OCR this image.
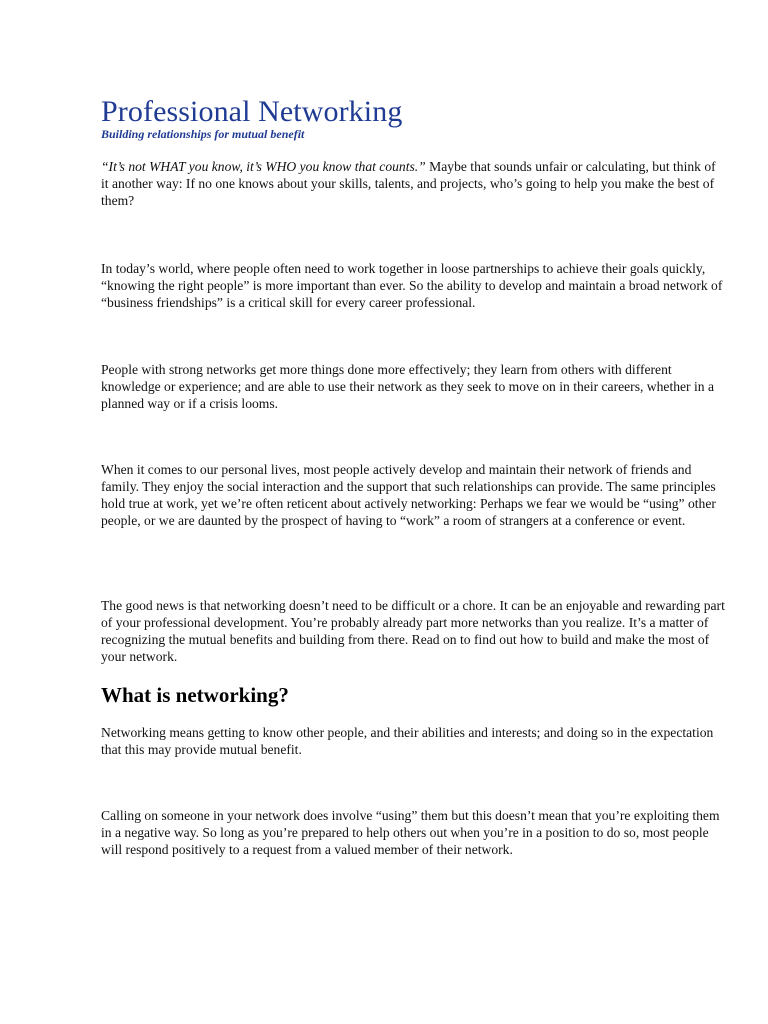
Professional Networking
Building relationships for mutual benefit

“It’s not WHAT you know, it’s WHO you know that counts.” Maybe that sounds unfair or calculating, but think of it another way: If no one knows about your skills, talents, and projects, who’s going to help you make the best of them?

In today’s world, where people often need to work together in loose partnerships to achieve their goals quickly, “knowing the right people” is more important than ever. So the ability to develop and maintain a broad network of “business friendships” is a critical skill for every career professional.

People with strong networks get more things done more effectively; they learn from others with different knowledge or experience; and are able to use their network as they seek to move on in their careers, whether in a planned way or if a crisis looms.

When it comes to our personal lives, most people actively develop and maintain their network of friends and family. They enjoy the social interaction and the support that such relationships can provide. The same principles hold true at work, yet we’re often reticent about actively networking: Perhaps we fear we would be “using” other people, or we are daunted by the prospect of having to “work” a room of strangers at a conference or event.

The good news is that networking doesn’t need to be difficult or a chore. It can be an enjoyable and rewarding part of your professional development. You’re probably already part more networks than you realize. It’s a matter of recognizing the mutual benefits and building from there. Read on to find out how to build and make the most of your network.

What is networking?

Networking means getting to know other people, and their abilities and interests; and doing so in the expectation that this may provide mutual benefit.

Calling on someone in your network does involve “using” them but this doesn’t mean that you’re exploiting them in a negative way. So long as you’re prepared to help others out when you’re in a position to do so, most people will respond positively to a request from a valued member of their network.
